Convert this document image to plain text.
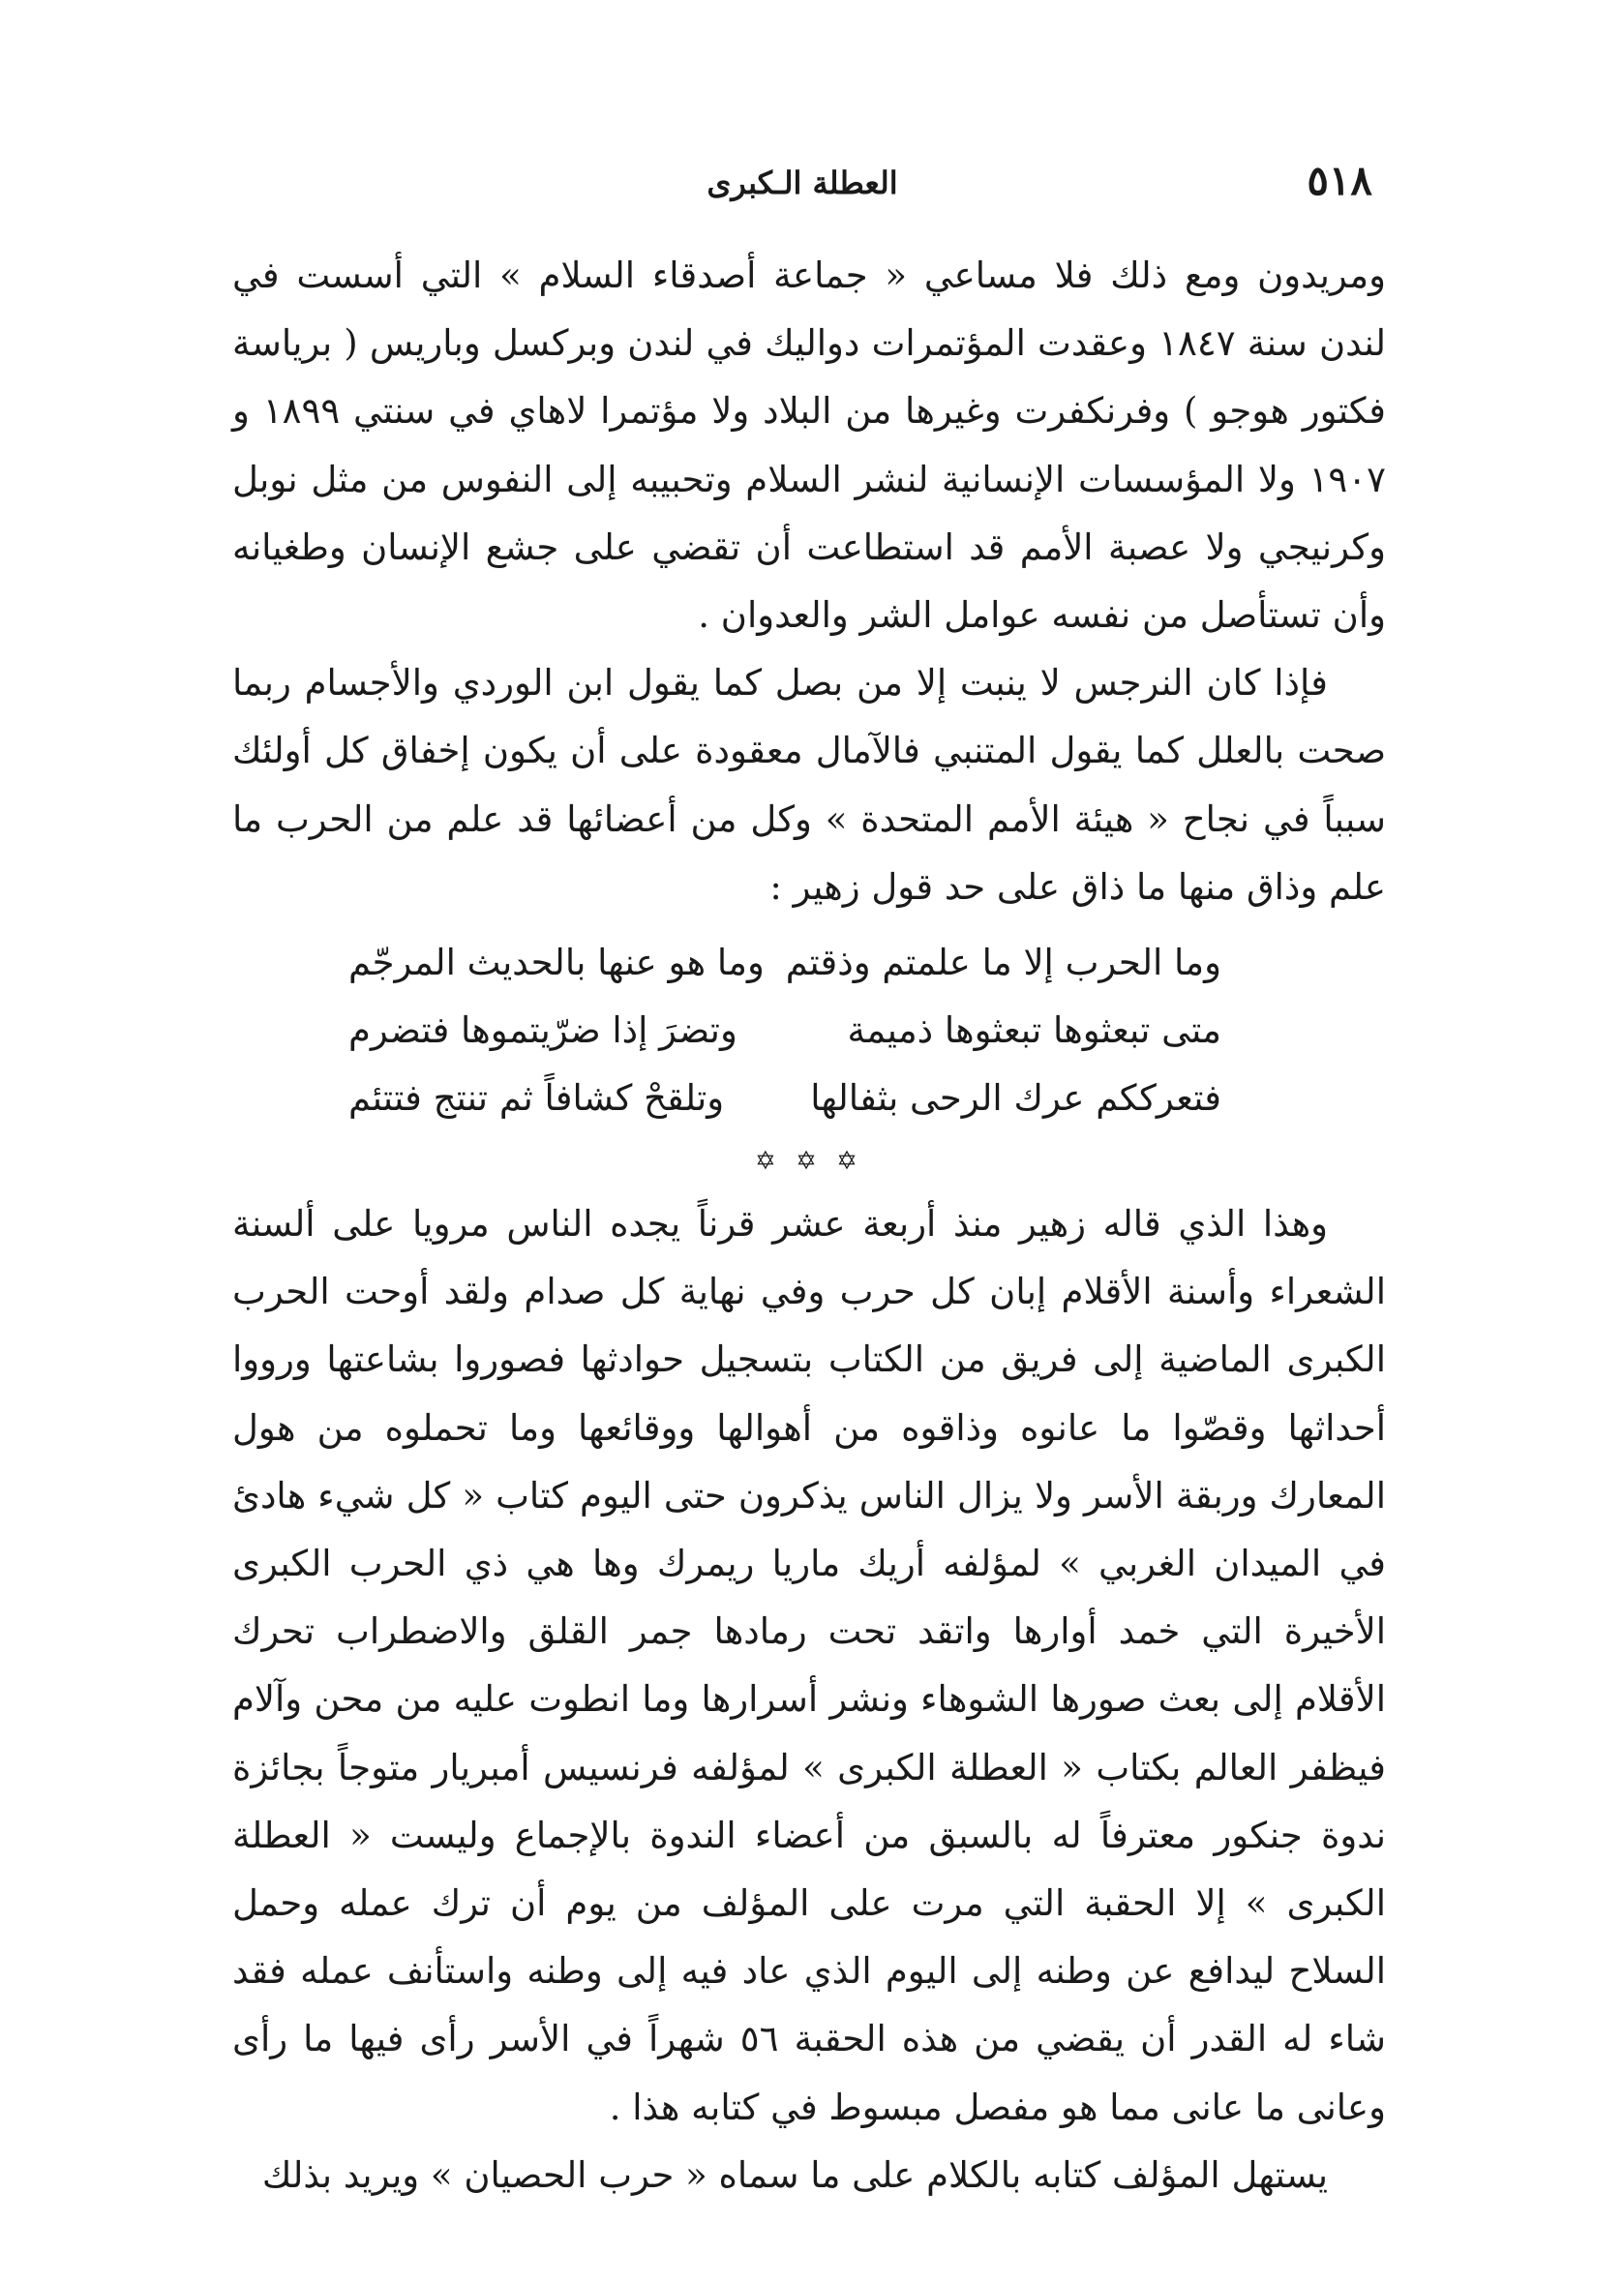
٥١٨
العطلة الـكبرى

ومريدون ومع ذلك فلا مساعي « جماعة أصدقاء السلام » التي أسست في لندن سنة ١٨٤٧ وعقدت المؤتمرات دواليك في لندن وبركسل وباريس ( برياسة فكتور هوجو ) وفرنكفرت وغيرها من البلاد ولا مؤتمرا لاهاي في سنتي ١٨٩٩ و ١٩٠٧ ولا المؤسسات الإنسانية لنشر السلام وتحبيبه إلى النفوس من مثل نوبل وكرنيجي ولا عصبة الأمم قد استطاعت أن تقضي على جشع الإنسان وطغيانه وأن تستأصل من نفسه عوامل الشر والعدوان .

فإذا كان النرجس لا ينبت إلا من بصل كما يقول ابن الوردي والأجسام ربما صحت بالعلل كما يقول المتنبي فالآمال معقودة على أن يكون إخفاق كل أولئك سبباً في نجاح « هيئة الأمم المتحدة » وكل من أعضائها قد علم من الحرب ما علم وذاق منها ما ذاق على حد قول زهير :

وما الحرب إلا ما علمتم وذقتم
وما هو عنها بالحديث المرجّم
متى تبعثوها تبعثوها ذميمة
وتضرَ إذا ضرّيتموها فتضرم
فتعرككم عرك الرحى بثفالها
وتلقحْ كشافاً ثم تنتج فتتئم
✡ ✡ ✡

وهذا الذي قاله زهير منذ أربعة عشر قرناً يجده الناس مرويا على ألسنة الشعراء وأسنة الأقلام إبان كل حرب وفي نهاية كل صدام ولقد أوحت الحرب الكبرى الماضية إلى فريق من الكتاب بتسجيل حوادثها فصوروا بشاعتها ورووا أحداثها وقصّوا ما عانوه وذاقوه من أهوالها ووقائعها وما تحملوه من هول المعارك وربقة الأسر ولا يزال الناس يذكرون حتى اليوم كتاب « كل شيء هادئ في الميدان الغربي » لمؤلفه أريك ماريا ريمرك وها هي ذي الحرب الكبرى الأخيرة التي خمد أوارها واتقد تحت رمادها جمر القلق والاضطراب تحرك الأقلام إلى بعث صورها الشوهاء ونشر أسرارها وما انطوت عليه من محن وآلام فيظفر العالم بكتاب « العطلة الكبرى » لمؤلفه فرنسيس أمبريار متوجاً بجائزة ندوة جنكور معترفاً له بالسبق من أعضاء الندوة بالإجماع وليست « العطلة الكبرى » إلا الحقبة التي مرت على المؤلف من يوم أن ترك عمله وحمل السلاح ليدافع عن وطنه إلى اليوم الذي عاد فيه إلى وطنه واستأنف عمله فقد شاء له القدر أن يقضي من هذه الحقبة ٥٦ شهراً في الأسر رأى فيها ما رأى وعانى ما عانى مما هو مفصل مبسوط في كتابه هذا .

يستهل المؤلف كتابه بالكلام على ما سماه « حرب الحصيان » ويريد بذلك
